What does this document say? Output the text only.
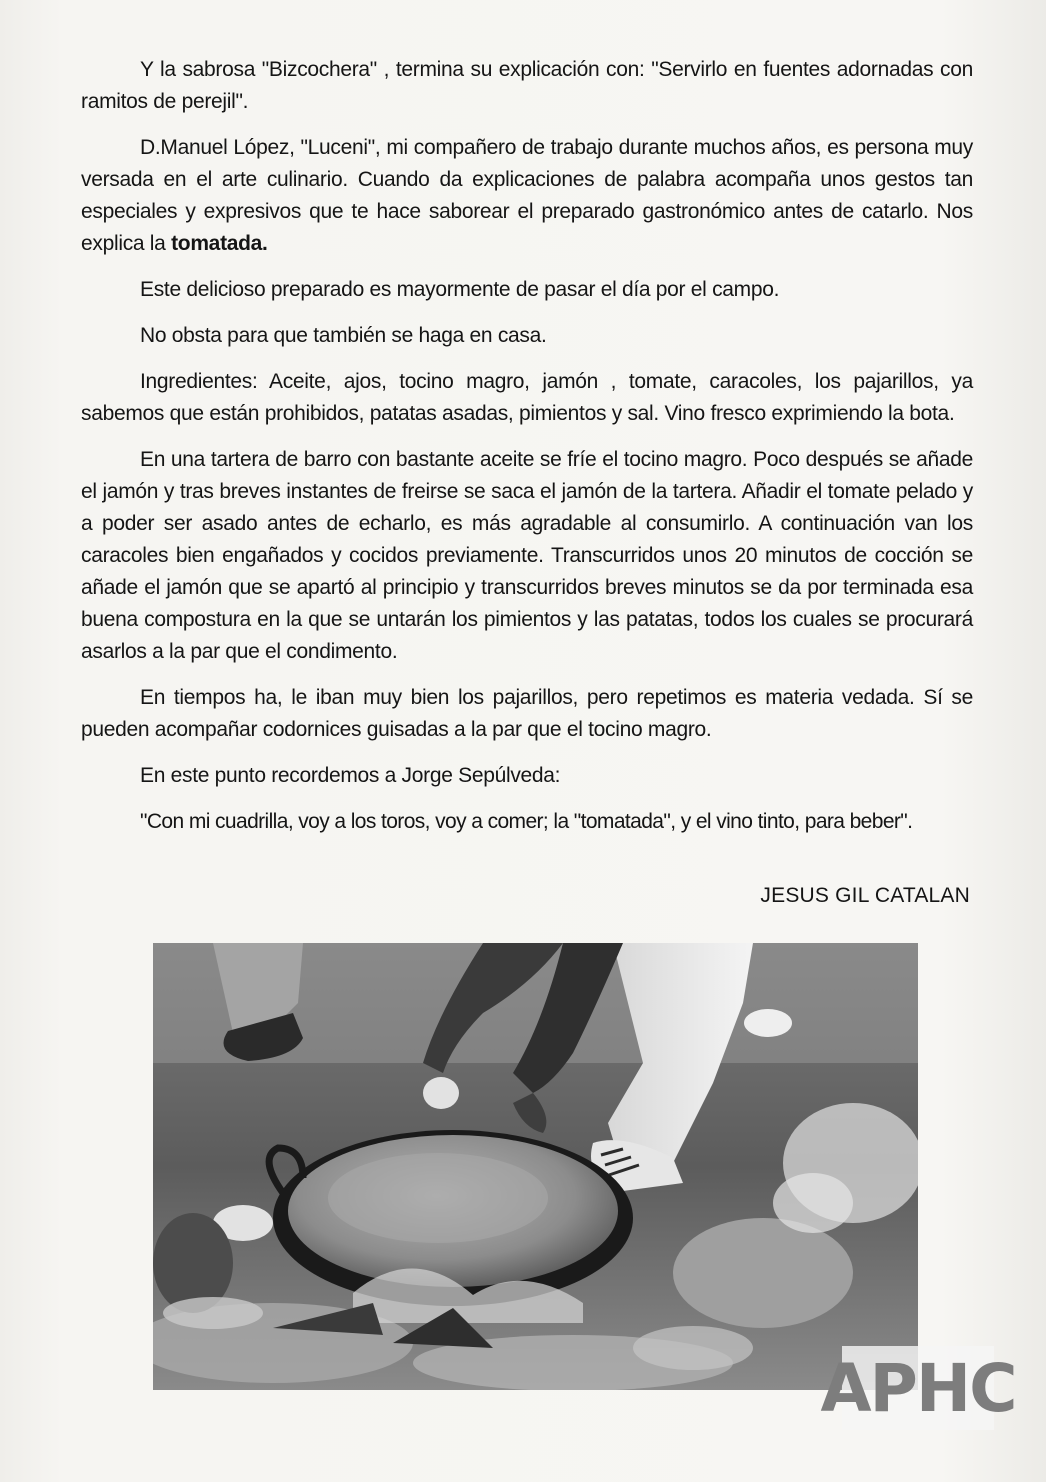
Y la sabrosa "Bizcochera" , termina su explicación con: "Servirlo en fuentes adornadas con ramitos de perejil".

D.Manuel López, "Luceni", mi compañero de trabajo durante muchos años, es persona muy versada en el arte culinario. Cuando da explicaciones de palabra acompaña unos gestos tan especiales y expresivos que te hace saborear el preparado gastronómico antes de catarlo. Nos explica la tomatada.

Este delicioso preparado es mayormente de pasar el día por el campo.

No obsta para que también se haga en casa.

Ingredientes: Aceite, ajos, tocino magro, jamón , tomate, caracoles, los pajarillos, ya sabemos que están prohibidos, patatas asadas, pimientos y sal. Vino fresco exprimiendo la bota.

En una tartera de barro con bastante aceite se fríe el tocino magro. Poco después se añade el jamón y tras breves instantes de freirse se saca el jamón de la tartera. Añadir el tomate pelado y a poder ser asado antes de echarlo, es más agradable al consumirlo. A continuación van los caracoles bien engañados y cocidos previamente. Transcurridos unos 20 minutos de cocción se añade el jamón que se apartó al principio y transcurridos breves minutos se da por terminada esa buena compostura en la que se untarán los pimientos y las patatas, todos los cuales se procurará asarlos a la par que el condimento.

En tiempos ha, le iban muy bien los pajarillos, pero repetimos es materia vedada. Sí se pueden acompañar codornices guisadas a la par que el tocino magro.

En este punto recordemos a Jorge Sepúlveda:

"Con mi cuadrilla, voy a los toros, voy a comer; la "tomatada", y el vino tinto, para beber".

JESUS GIL CATALAN
APHC
